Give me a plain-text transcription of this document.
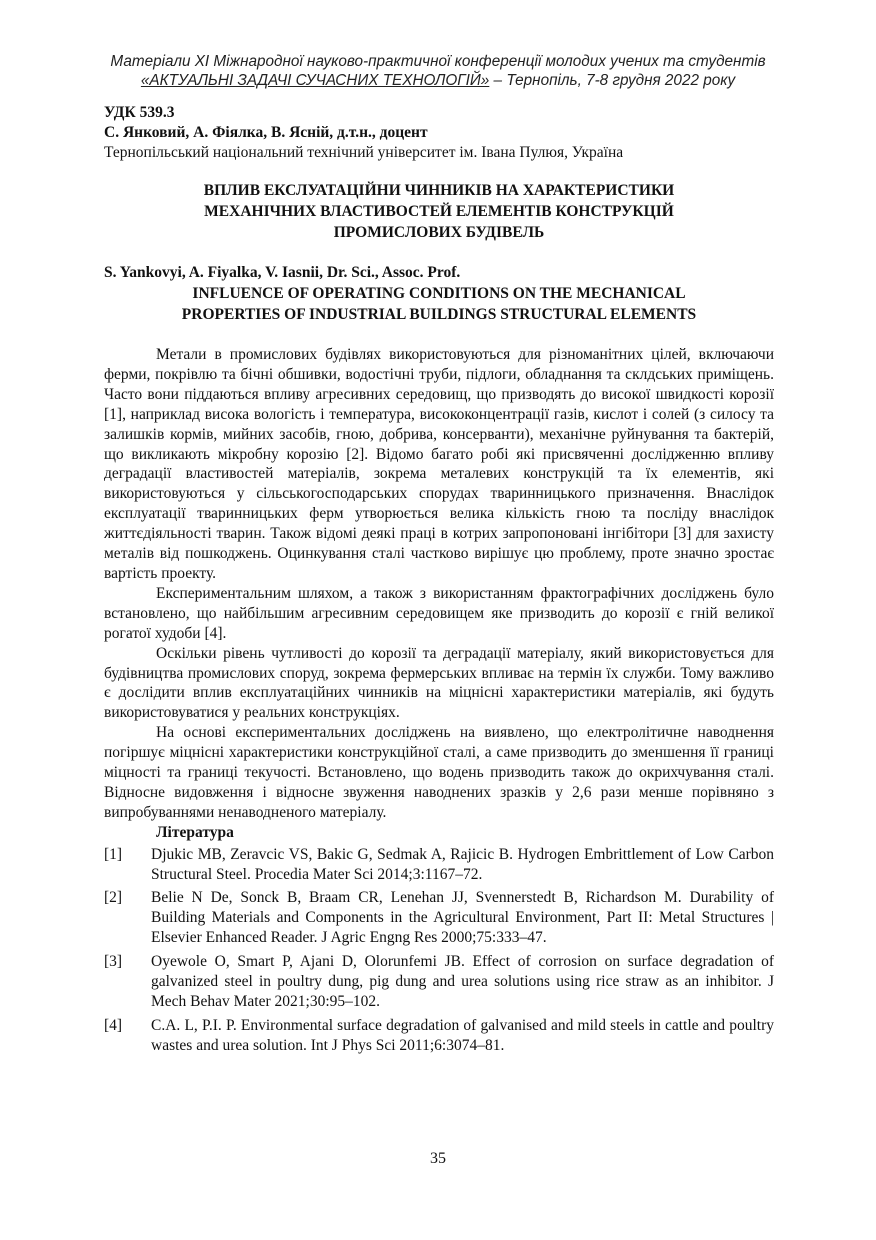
Матеріали XI Міжнародної науково-практичної конференції молодих учених та студентів
«АКТУАЛЬНІ ЗАДАЧІ СУЧАСНИХ ТЕХНОЛОГІЙ» – Тернопіль, 7-8 грудня 2022 року
УДК 539.3
С. Янковий, А. Фіялка, В. Ясній, д.т.н., доцент
Тернопільський національний технічний університет ім. Івана Пулюя, Україна
ВПЛИВ ЕКСЛУАТАЦІЙНИ ЧИННИКІВ НА ХАРАКТЕРИСТИКИ
МЕХАНІЧНИХ ВЛАСТИВОСТЕЙ ЕЛЕМЕНТІВ КОНСТРУКЦІЙ
ПРОМИСЛОВИХ БУДІВЕЛЬ
S. Yankovyi, A. Fiyalka, V. Iasnii, Dr. Sci., Assoc. Prof.
INFLUENCE OF OPERATING CONDITIONS ON THE MECHANICAL
PROPERTIES OF INDUSTRIAL BUILDINGS STRUCTURAL ELEMENTS

Метали в промислових будівлях використовуються для різноманітних цілей, включаючи ферми, покрівлю та бічні обшивки, водостічні труби, підлоги, обладнання та склдських приміщень. Часто вони піддаються впливу агресивних середовищ, що призводять до високої швидкості корозії [1], наприклад висока вологість і температура, висококонцентрації газів, кислот і солей (з силосу та залишків кормів, мийних засобів, гною, добрива, консерванти), механічне руйнування та бактерій, що викликають мікробну корозію [2]. Відомо багато робі які присвяченні дослідженню впливу деградації властивостей матеріалів, зокрема металевих конструкцій та їх елементів, які використовуються у сільськогосподарських спорудах тваринницького призначення. Внаслідок експлуатації тваринницьких ферм утворюється велика кількість гною та посліду внаслідок життєдіяльності тварин. Також відомі деякі праці в котрих запропоновані інгібітори [3] для захисту металів від пошкоджень. Оцинкування сталі частково вирішує цю проблему, проте значно зростає вартість проекту.

Експериментальним шляхом, а також з використанням фрактографічних досліджень було встановлено, що найбільшим агресивним середовищем яке призводить до корозії є гній великої рогатої худоби [4].

Оскільки рівень чутливості до корозії та деградації матеріалу, який використовується для будівництва промислових споруд, зокрема фермерських впливає на термін їх служби. Тому важливо є дослідити вплив експлуатаційних чинників на міцнісні характеристики матеріалів, які будуть використовуватися у реальних конструкціях.

На основі експериментальних досліджень на виявлено, що електролітичне наводнення погіршує міцнісні характеристики конструкційної сталі, а саме призводить до зменшення її границі міцності та границі текучості. Встановлено, що водень призводить також до окрихчування сталі. Відносне видовження і відносне звуження наводнених зразків у 2,6 рази менше порівняно з випробуваннями ненаводненого матеріалу.

Література
[1]	Djukic MB, Zeravcic VS, Bakic G, Sedmak A, Rajicic B. Hydrogen Embrittlement of Low Carbon Structural Steel. Procedia Mater Sci 2014;3:1167–72.
[2]	Belie N De, Sonck B, Braam CR, Lenehan JJ, Svennerstedt B, Richardson M. Durability of Building Materials and Components in the Agricultural Environment, Part II: Metal Structures | Elsevier Enhanced Reader. J Agric Engng Res 2000;75:333–47.
[3]	Oyewole O, Smart P, Ajani D, Olorunfemi JB. Effect of corrosion on surface degradation of galvanized steel in poultry dung, pig dung and urea solutions using rice straw as an inhibitor. J Mech Behav Mater 2021;30:95–102.
[4]	C.A. L, P.I. P. Environmental surface degradation of galvanised and mild steels in cattle and poultry wastes and urea solution. Int J Phys Sci 2011;6:3074–81.
35
